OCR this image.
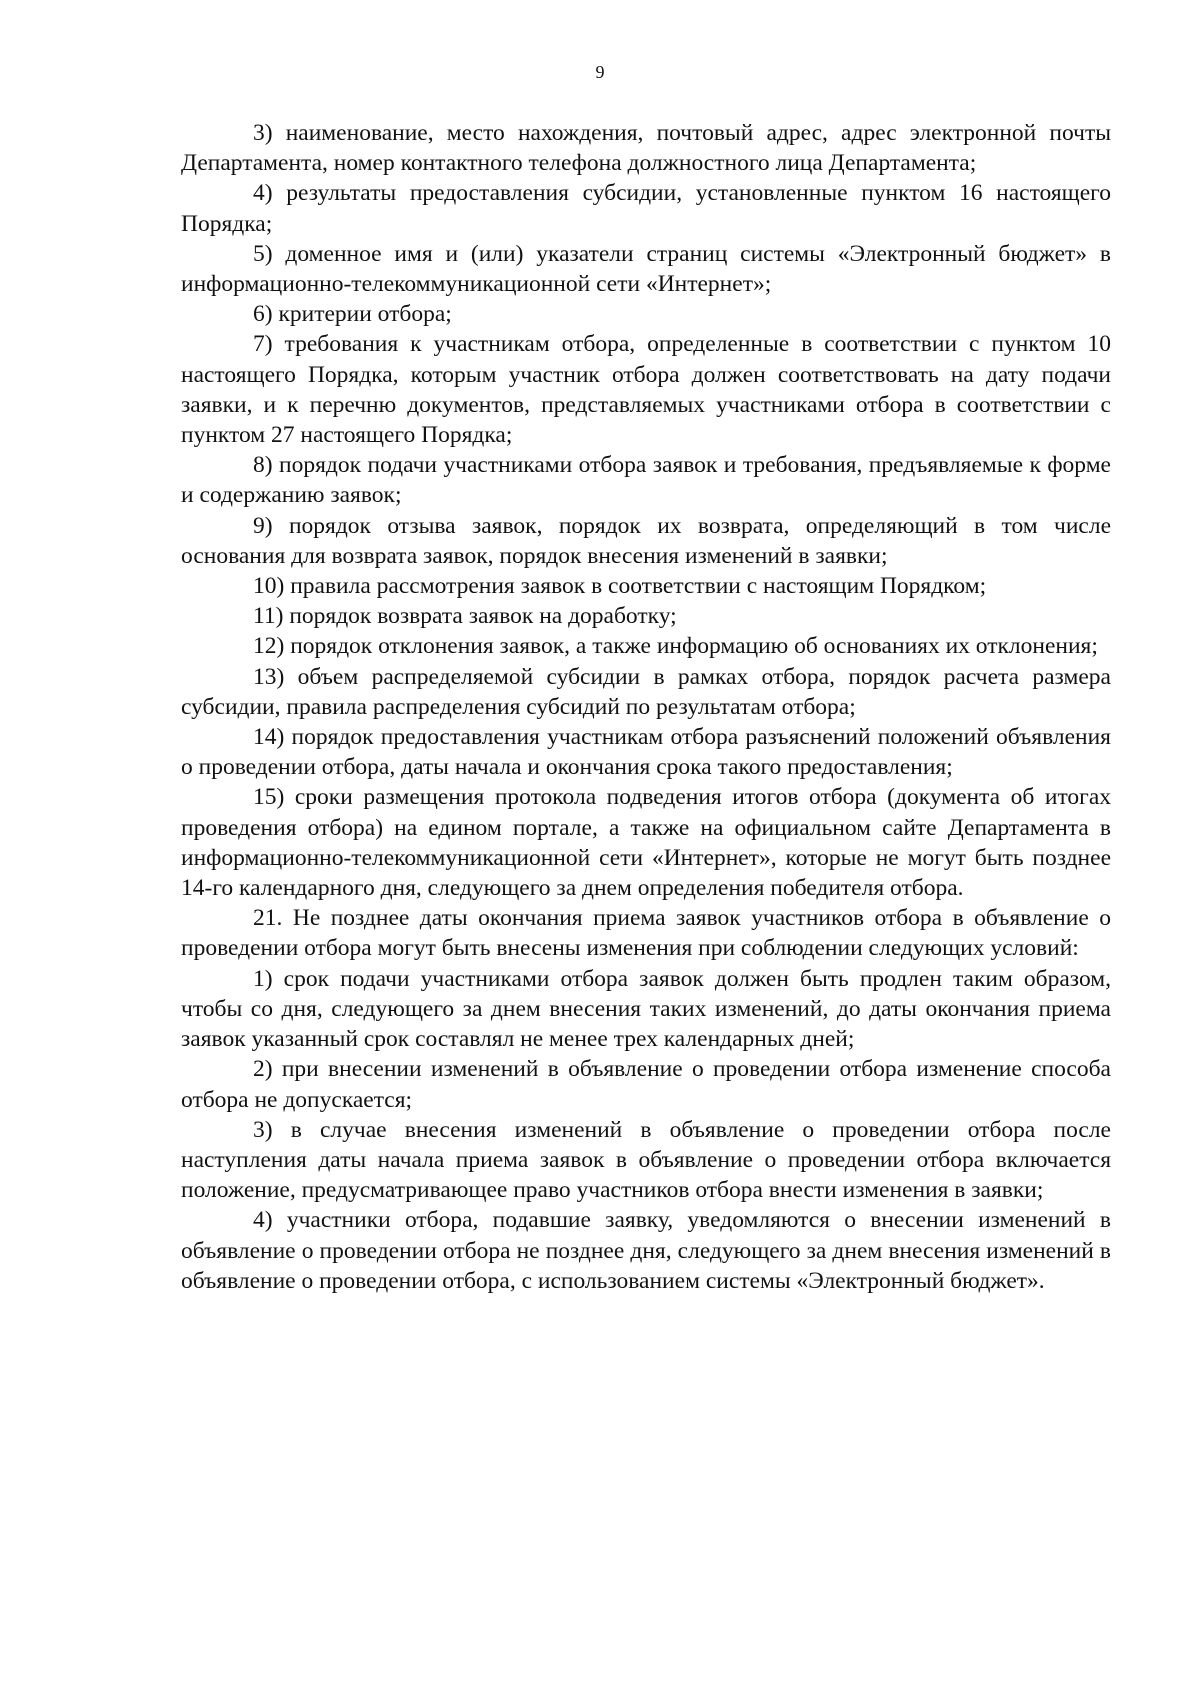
9

3) наименование, место нахождения, почтовый адрес, адрес электронной почты Департамента, номер контактного телефона должностного лица Департамента;

4) результаты предоставления субсидии, установленные пунктом 16 настоящего Порядка;

5) доменное имя и (или) указатели страниц системы «Электронный бюджет» в информационно-телекоммуникационной сети «Интернет»;

6) критерии отбора;

7) требования к участникам отбора, определенные в соответствии с пунктом 10 настоящего Порядка, которым участник отбора должен соответствовать на дату подачи заявки, и к перечню документов, представляемых участниками отбора в соответствии с пунктом 27 настоящего Порядка;

8) порядок подачи участниками отбора заявок и требования, предъявляемые к форме и содержанию заявок;

9) порядок отзыва заявок, порядок их возврата, определяющий в том числе основания для возврата заявок, порядок внесения изменений в заявки;

10) правила рассмотрения заявок в соответствии с настоящим Порядком;

11) порядок возврата заявок на доработку;

12) порядок отклонения заявок, а также информацию об основаниях их отклонения;

13) объем распределяемой субсидии в рамках отбора, порядок расчета размера субсидии, правила распределения субсидий по результатам отбора;

14) порядок предоставления участникам отбора разъяснений положений объявления о проведении отбора, даты начала и окончания срока такого предоставления;

15) сроки размещения протокола подведения итогов отбора (документа об итогах проведения отбора) на едином портале, а также на официальном сайте Департамента в информационно-телекоммуникационной сети «Интернет», которые не могут быть позднее 14-го календарного дня, следующего за днем определения победителя отбора.

21. Не позднее даты окончания приема заявок участников отбора в объявление о проведении отбора могут быть внесены изменения при соблюдении следующих условий:

1) срок подачи участниками отбора заявок должен быть продлен таким образом, чтобы со дня, следующего за днем внесения таких изменений, до даты окончания приема заявок указанный срок составлял не менее трех календарных дней;

2) при внесении изменений в объявление о проведении отбора изменение способа отбора не допускается;

3) в случае внесения изменений в объявление о проведении отбора после наступления даты начала приема заявок в объявление о проведении отбора включается положение, предусматривающее право участников отбора внести изменения в заявки;

4) участники отбора, подавшие заявку, уведомляются о внесении изменений в объявление о проведении отбора не позднее дня, следующего за днем внесения изменений в объявление о проведении отбора, с использованием системы «Электронный бюджет».
